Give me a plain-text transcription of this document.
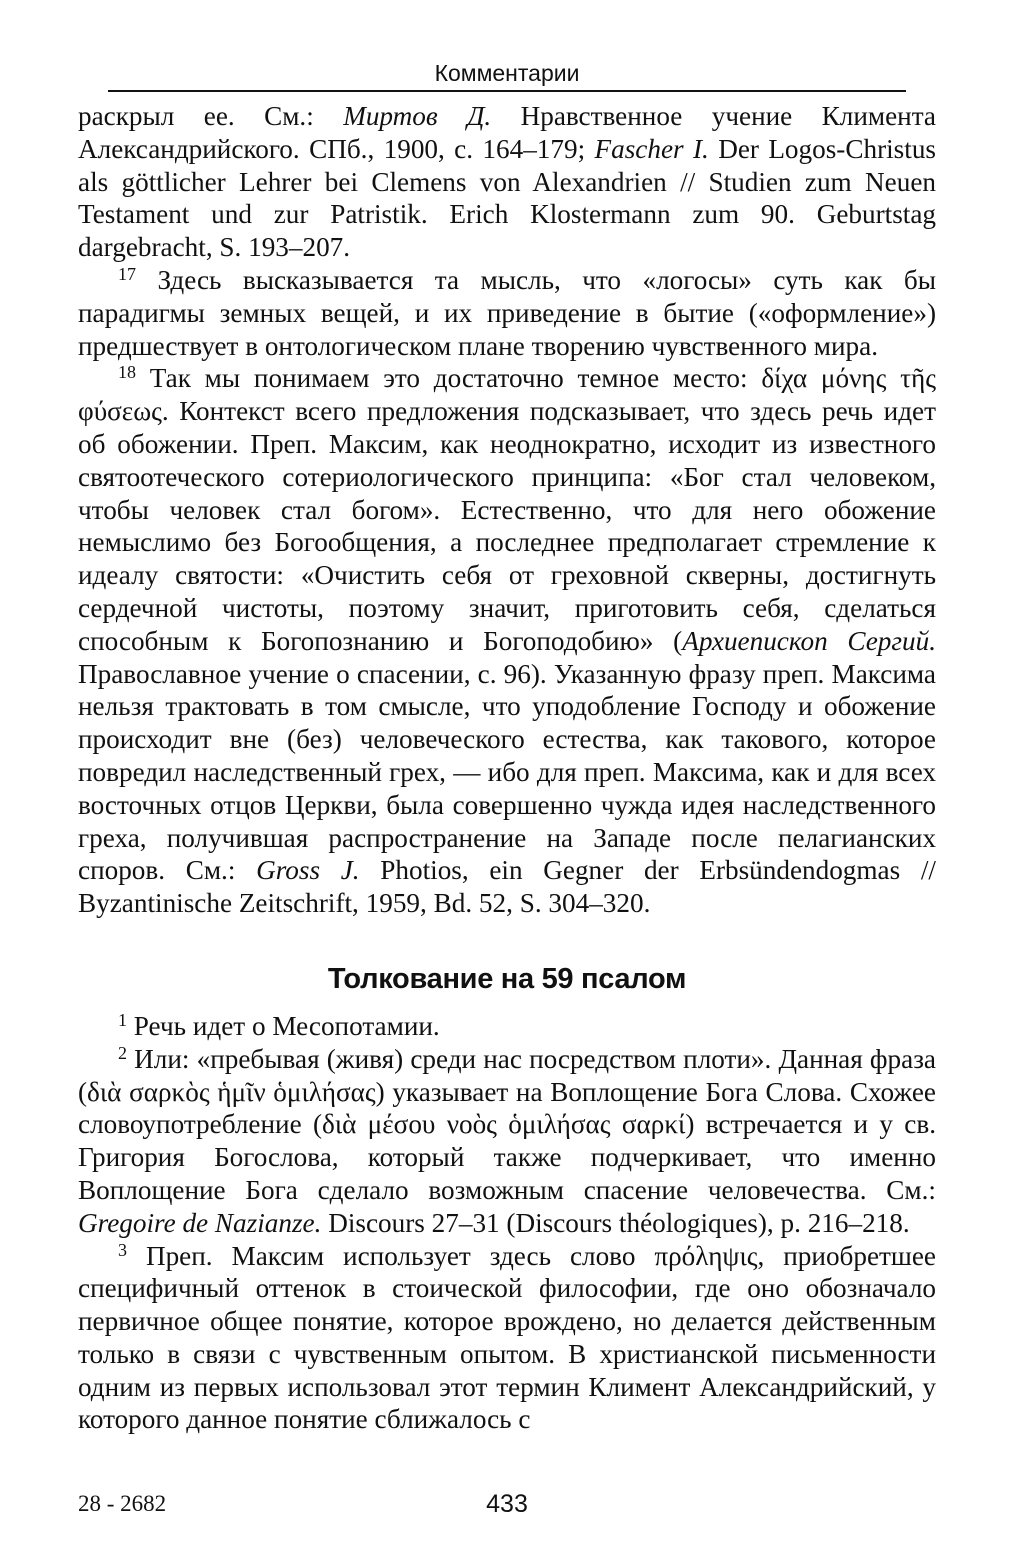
Комментарии

раскрыл ее. См.: Миртов Д. Нравственное учение Климента Александрийского. СПб., 1900, с. 164–179; Fascher I. Der Logos-Christus als göttlicher Lehrer bei Clemens von Alexandrien // Studien zum Neuen Testament und zur Patristik. Erich Klostermann zum 90. Geburtstag dargebracht, S. 193–207.

$^{17}$ Здесь высказывается та мысль, что «логосы» суть как бы парадигмы земных вещей, и их приведение в бытие («оформление») предшествует в онтологическом плане творению чувственного мира.

$^{18}$ Так мы понимаем это достаточно темное место: δίχα μόνης τῆς φύσεως. Контекст всего предложения подсказывает, что здесь речь идет об обожении. Преп. Максим, как неоднократно, исходит из известного святоотеческого сотериологического принципа: «Бог стал человеком, чтобы человек стал богом». Естественно, что для него обожение немыслимо без Богообщения, а последнее предполагает стремление к идеалу святости: «Очистить себя от греховной скверны, достигнуть сердечной чистоты, поэтому значит, приготовить себя, сделаться способным к Богопознанию и Богоподобию» (Архиепископ Сергий. Православное учение о спасении, с. 96). Указанную фразу преп. Максима нельзя трактовать в том смысле, что уподобление Господу и обожение происходит вне (без) человеческого естества, как такового, которое повредил наследственный грех, — ибо для преп. Максима, как и для всех восточных отцов Церкви, была совершенно чужда идея наследственного греха, получившая распространение на Западе после пелагианских споров. См.: Gross J. Photios, ein Gegner der Erbsündendogmas // Byzantinische Zeitschrift, 1959, Bd. 52, S. 304–320.

Толкование на 59 псалом

$^1$ Речь идет о Месопотамии.

$^2$ Или: «пребывая (живя) среди нас посредством плоти». Данная фраза (διὰ σαρκὸς ἡμῖν ὁμιλήσας) указывает на Воплощение Бога Слова. Схожее словоупотребление (διὰ μέσου νοὸς ὁμιλήσας σαρκί) встречается и у св. Григория Богослова, который также подчеркивает, что именно Воплощение Бога сделало возможным спасение человечества. См.: Gregoire de Nazianze. Discours 27–31 (Discours théologiques), p. 216–218.

$^3$ Преп. Максим использует здесь слово πρόληψις, приобретшее специфичный оттенок в стоической философии, где оно обозначало первичное общее понятие, которое врождено, но делается действенным только в связи с чувственным опытом. В христианской письменности одним из первых использовал этот термин Климент Александрийский, у которого данное понятие сближалось с

28 - 2682	433
